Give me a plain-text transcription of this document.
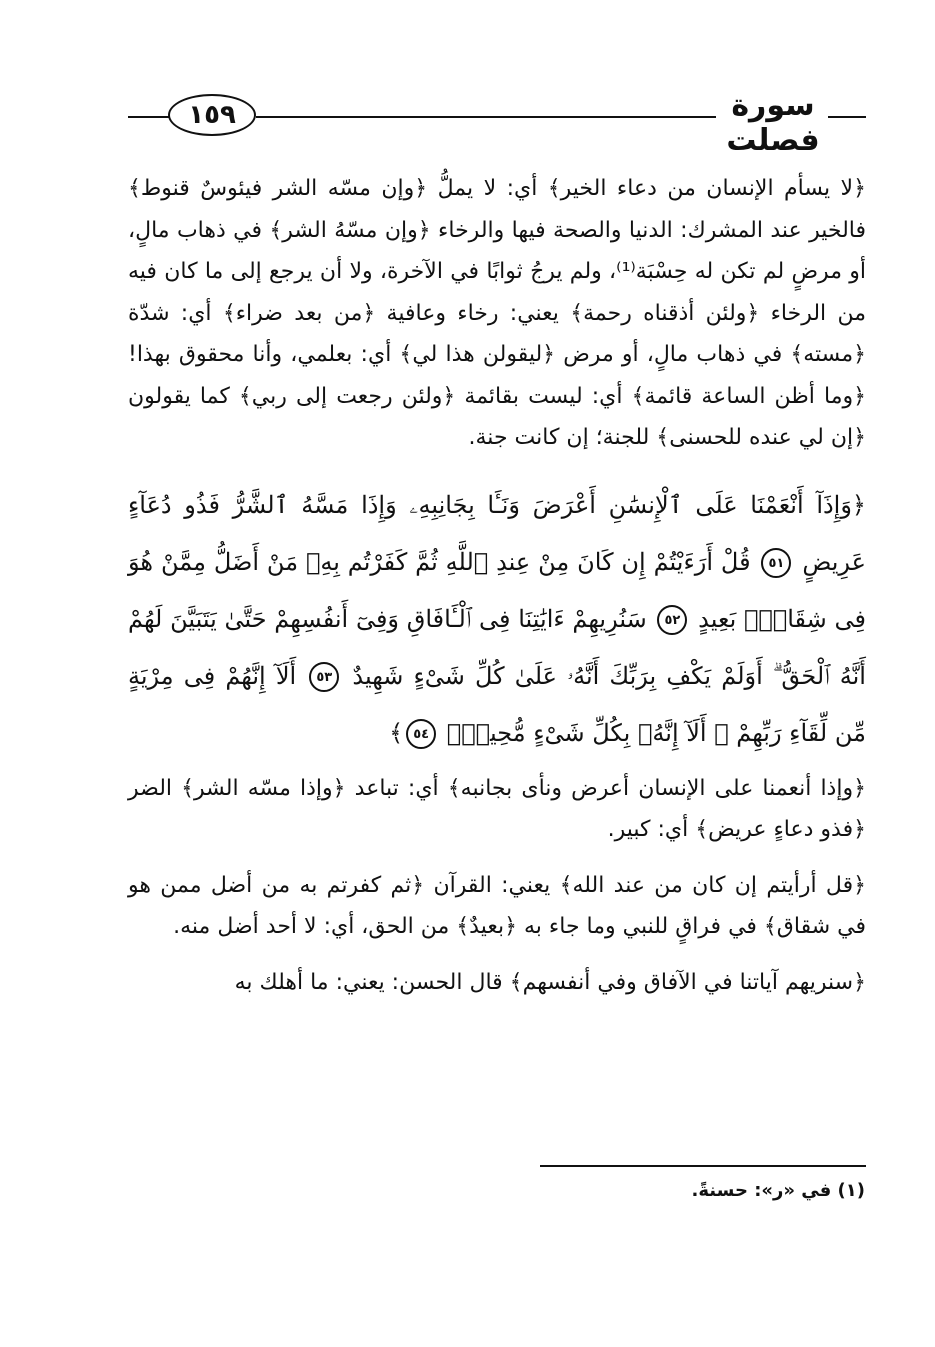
١٥٩	سورة فصلت

﴿لا يسأم الإنسان من دعاء الخير﴾ أي: لا يملُّ ﴿وإن مسّه الشر فيئوسٌ قنوط﴾ فالخير عند المشرك: الدنيا والصحة فيها والرخاء ﴿وإن مسّهُ الشر﴾ في ذهاب مالٍ، أو مرضٍ لم تكن له حِسْبَة⁽¹⁾، ولم يرجُ ثوابًا في الآخرة، ولا أن يرجع إلى ما كان فيه من الرخاء ﴿ولئن أذقناه رحمة﴾ يعني: رخاء وعافية ﴿من بعد ضراء﴾ أي: شدّة ﴿مسته﴾ في ذهاب مالٍ، أو مرض ﴿ليقولن هذا لي﴾ أي: بعلمي، وأنا محقوق بهذا! ﴿وما أظن الساعة قائمة﴾ أي: ليست بقائمة ﴿ولئن رجعت إلى ربي﴾ كما يقولون ﴿إن لي عنده للحسنى﴾ للجنة؛ إن كانت جنة.

﴿وَإِذَآ أَنْعَمْنَا عَلَى ٱلْإِنسَٰنِ أَعْرَضَ وَنَـَٔا بِجَانِبِهِۦ وَإِذَا مَسَّهُ ٱلشَّرُّ فَذُو دُعَآءٍ عَرِيضٍ ٥١ قُلْ أَرَءَيْتُمْ إِن كَانَ مِنْ عِندِ ٱللَّهِ ثُمَّ كَفَرْتُم بِهِۦ مَنْ أَضَلُّ مِمَّنْ هُوَ فِى شِقَاقٍۭ بَعِيدٍ ٥٢ سَنُرِيهِمْ ءَايَٰتِنَا فِى ٱلْـَٔافَاقِ وَفِىٓ أَنفُسِهِمْ حَتَّىٰ يَتَبَيَّنَ لَهُمْ أَنَّهُ ٱلْحَقُّ ۗ أَوَلَمْ يَكْفِ بِرَبِّكَ أَنَّهُۥ عَلَىٰ كُلِّ شَىْءٍ شَهِيدٌ ٥٣ أَلَآ إِنَّهُمْ فِى مِرْيَةٍ مِّن لِّقَآءِ رَبِّهِمْ ۗ أَلَآ إِنَّهُۥ بِكُلِّ شَىْءٍ مُّحِيطٌۢ ٥٤﴾

﴿وإذا أنعمنا على الإنسان أعرض ونأى بجانبه﴾ أي: تباعد ﴿وإذا مسّه الشر﴾ الضر ﴿فذو دعاءٍ عريض﴾ أي: كبير.

﴿قل أرأيتم إن كان من عند الله﴾ يعني: القرآن ﴿ثم كفرتم به من أضل ممن هو في شقاق﴾ في فراقٍ للنبي وما جاء به ﴿بعيدٌ﴾ من الحق، أي: لا أحد أضل منه.

﴿سنريهم آياتنا في الآفاق وفي أنفسهم﴾ قال الحسن: يعني: ما أهلك به

(١) في «ر»: حسنةً.
